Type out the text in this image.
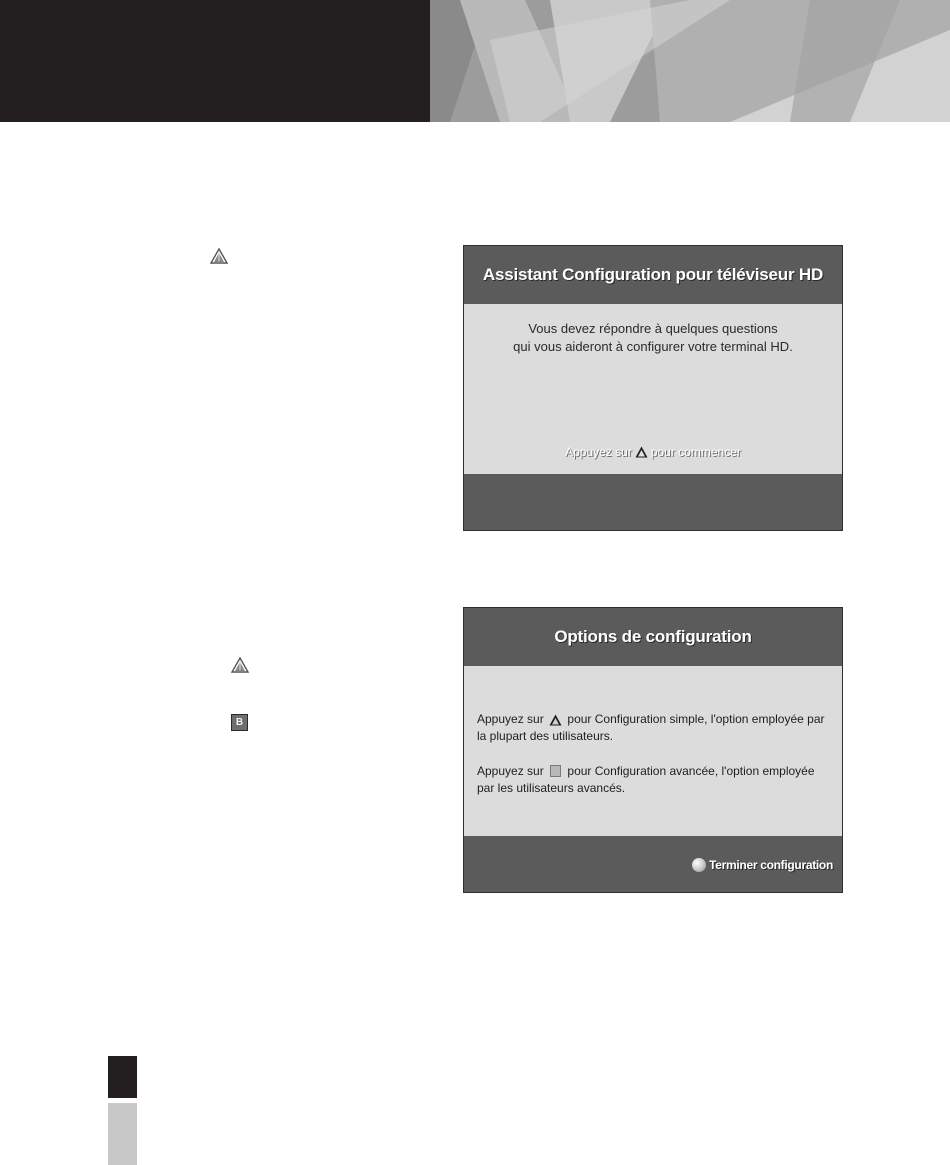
B
Assistant Configuration pour téléviseur HD
Vous devez répondre à quelques questions
qui vous aideront à configurer votre terminal HD.
Appuyez sur pour commencer
Options de configuration
Appuyez sur pour Configuration simple, l'option employée par la plupart des utilisateurs.
Appuyez sur pour Configuration avancée, l'option employée par les utilisateurs avancés.
Terminer configuration
